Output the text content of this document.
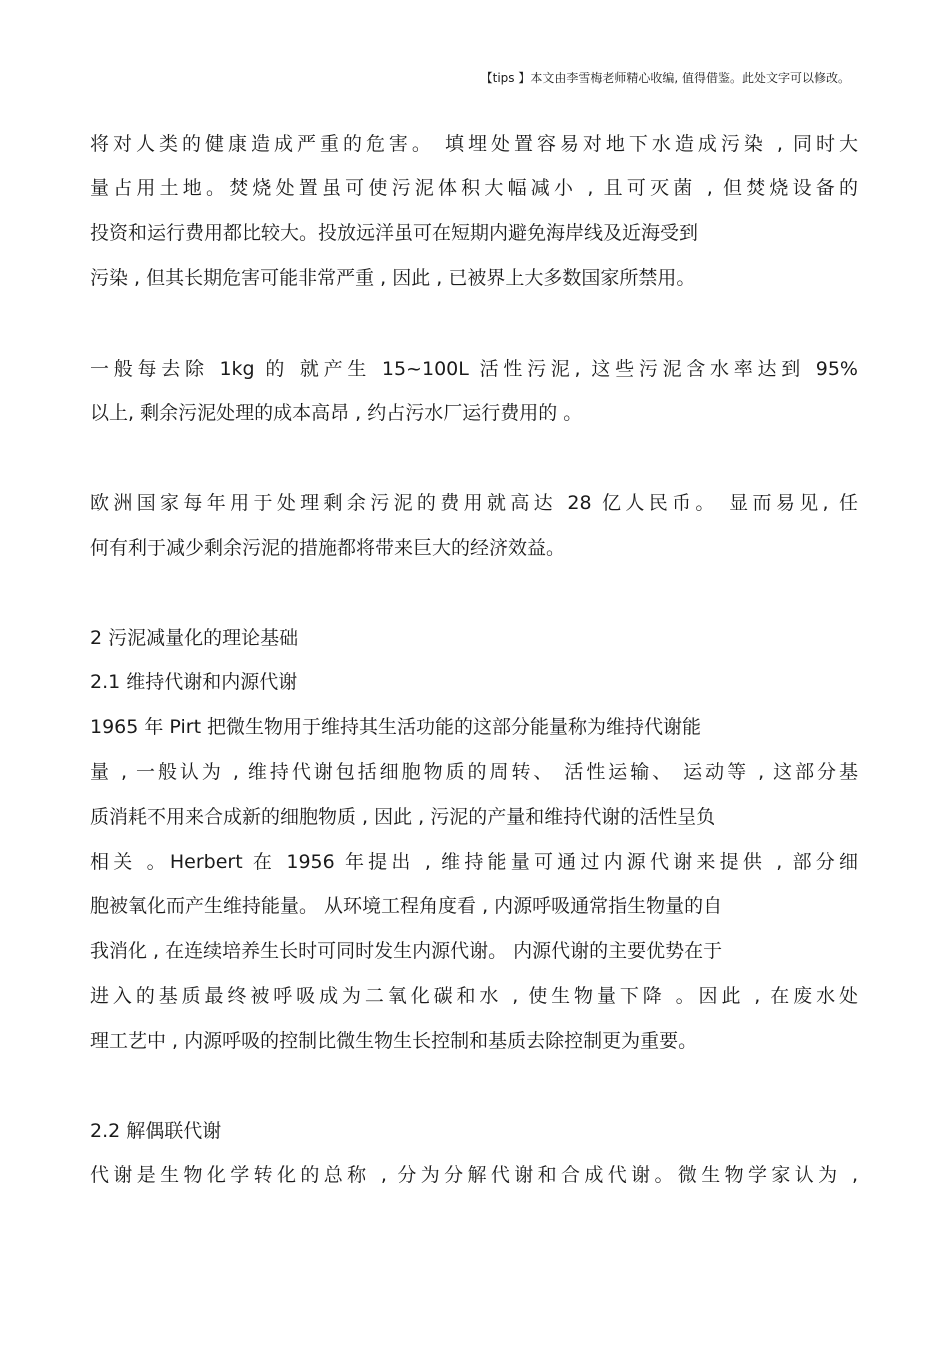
【tips 】本文由李雪梅老师精心收编, 值得借鉴。此处文字可以修改。
将对人类的健康造成严重的危害。 填埋处置容易对地下水造成污染 , 同时大
量占用土地。焚烧处置虽可使污泥体积大幅减小 , 且可灭菌 , 但焚烧设备的
投资和运行费用都比较大。投放远洋虽可在短期内避免海岸线及近海受到
污染 , 但其长期危害可能非常严重 , 因此 , 已被界上大多数国家所禁用。
一般每去除 1kg 的 就产生 15~100L 活性污泥, 这些污泥含水率达到 95%
以上, 剩余污泥处理的成本高昂 , 约占污水厂运行费用的 。
欧洲国家每年用于处理剩余污泥的费用就高达 28 亿人民币。 显而易见, 任
何有利于减少剩余污泥的措施都将带来巨大的经济效益。
2 污泥减量化的理论基础
2.1 维持代谢和内源代谢
1965 年 Pirt 把微生物用于维持其生活功能的这部分能量称为维持代谢能
量 , 一般认为 , 维持代谢包括细胞物质的周转、 活性运输、 运动等 , 这部分基
质消耗不用来合成新的细胞物质 , 因此 , 污泥的产量和维持代谢的活性呈负
相关 。Herbert 在 1956 年提出 , 维持能量可通过内源代谢来提供 , 部分细
胞被氧化而产生维持能量。 从环境工程角度看 , 内源呼吸通常指生物量的自
我消化 , 在连续培养生长时可同时发生内源代谢。 内源代谢的主要优势在于
进入的基质最终被呼吸成为二氧化碳和水 , 使生物量下降 。因此 , 在废水处
理工艺中 , 内源呼吸的控制比微生物生长控制和基质去除控制更为重要。
2.2 解偶联代谢
代谢是生物化学转化的总称 , 分为分解代谢和合成代谢。微生物学家认为 ,
